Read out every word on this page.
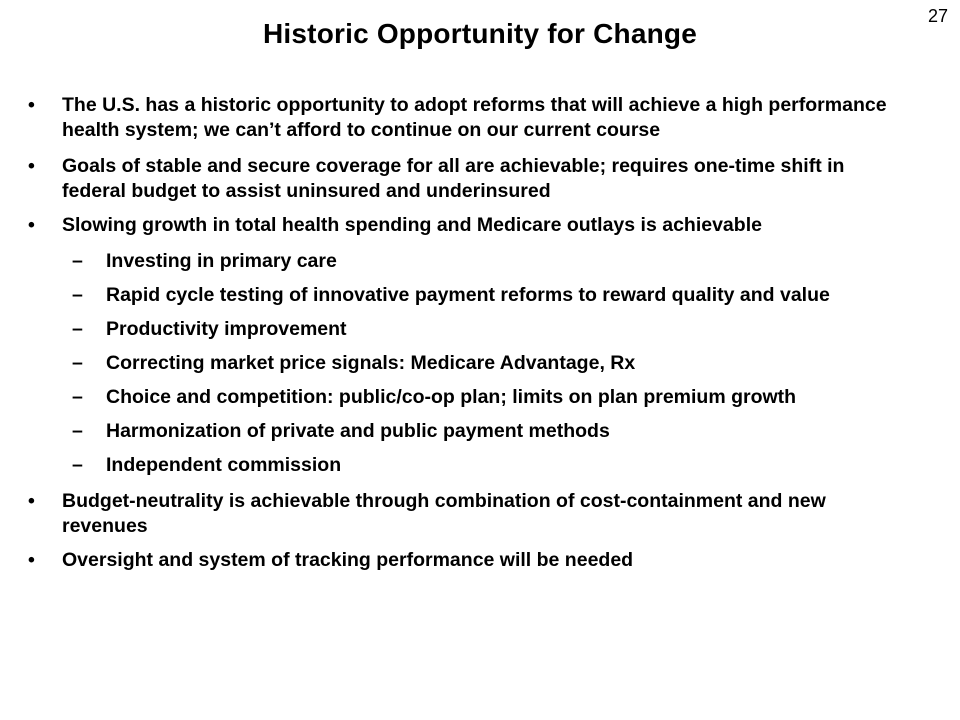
27
Historic Opportunity for Change
•	The U.S. has a historic opportunity to adopt reforms that will achieve a high performance health system; we can’t afford to continue on our current course
•	Goals of stable and secure coverage for all are achievable; requires one-time shift in federal budget to assist uninsured and underinsured
•	Slowing growth in total health spending and Medicare outlays is achievable
– Investing in primary care
– Rapid cycle testing of innovative payment reforms to reward quality and value
– Productivity improvement
– Correcting market price signals: Medicare Advantage, Rx
– Choice and competition: public/co-op plan; limits on plan premium growth
– Harmonization of private and public payment methods
– Independent commission
•	Budget-neutrality is achievable through combination of cost-containment and new revenues
•	Oversight and system of tracking performance will be needed
